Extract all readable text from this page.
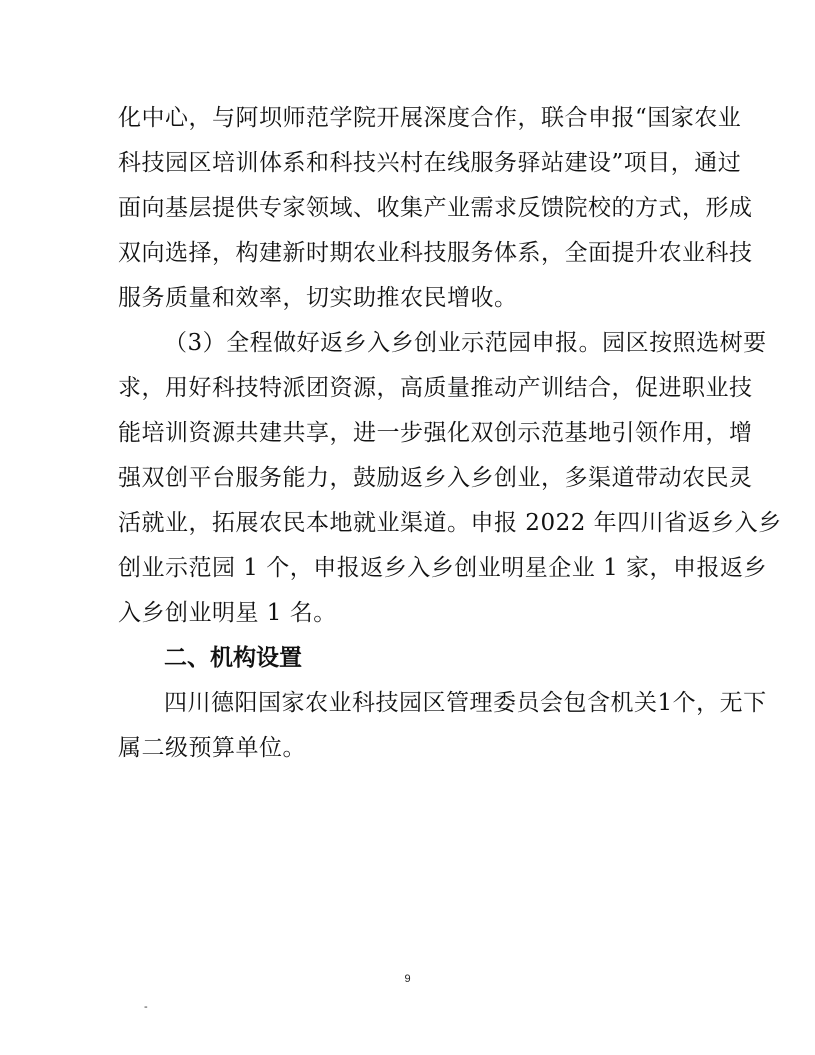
化中心，与阿坝师范学院开展深度合作，联合申报“国家农业
科技园区培训体系和科技兴村在线服务驿站建设”项目，通过
面向基层提供专家领域、收集产业需求反馈院校的方式，形成
双向选择，构建新时期农业科技服务体系，全面提升农业科技
服务质量和效率，切实助推农民增收。
（3）全程做好返乡入乡创业示范园申报。园区按照选树要
求，用好科技特派团资源，高质量推动产训结合，促进职业技
能培训资源共建共享，进一步强化双创示范基地引领作用，增
强双创平台服务能力，鼓励返乡入乡创业，多渠道带动农民灵
活就业，拓展农民本地就业渠道。申报 2022 年四川省返乡入乡
创业示范园 1 个，申报返乡入乡创业明星企业 1 家，申报返乡
入乡创业明星 1 名。
二、机构设置
四川德阳国家农业科技园区管理委员会包含机关1个，无下
属二级预算单位。
9
-
